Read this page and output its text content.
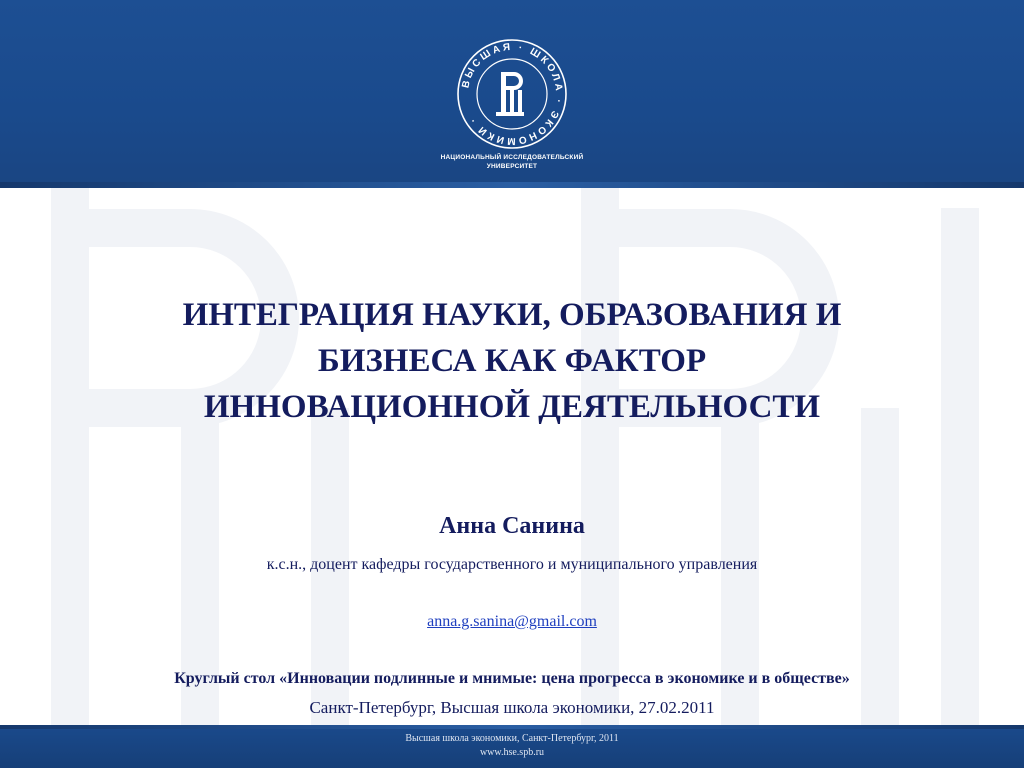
ВЫСШАЯ · ШКОЛА · ЭКОНОМИКИ ·
НАЦИОНАЛЬНЫЙ ИССЛЕДОВАТЕЛЬСКИЙ
УНИВЕРСИТЕТ
ИНТЕГРАЦИЯ НАУКИ, ОБРАЗОВАНИЯ И
БИЗНЕСА КАК ФАКТОР
ИННОВАЦИОННОЙ ДЕЯТЕЛЬНОСТИ
Анна Санина
к.с.н., доцент кафедры государственного и муниципального управления
anna.g.sanina@gmail.com
Круглый стол «Инновации подлинные и мнимые: цена прогресса в экономике и в обществе»
Санкт-Петербург, Высшая школа экономики, 27.02.2011
Высшая школа экономики, Санкт-Петербург, 2011
www.hse.spb.ru
